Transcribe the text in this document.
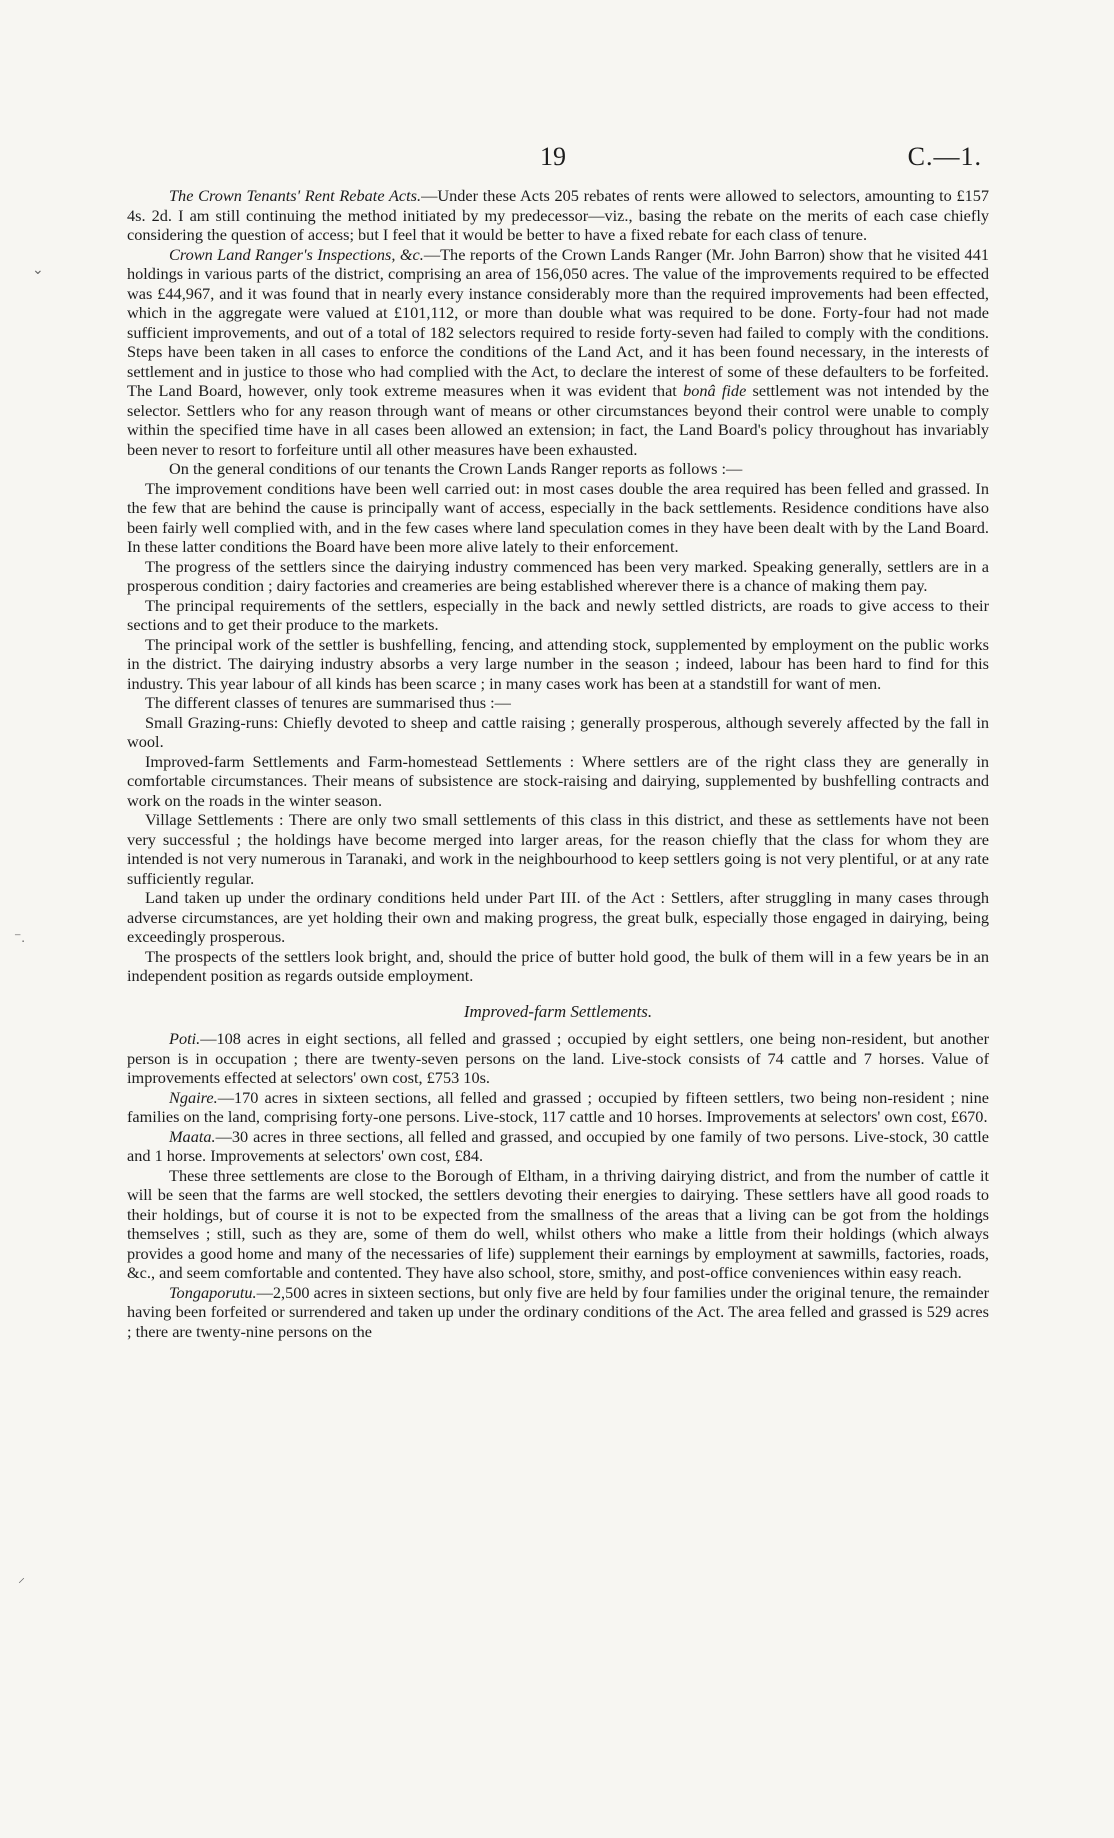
19	C.—1.
⌄
⁻.
⸝

The Crown Tenants' Rent Rebate Acts.—Under these Acts 205 rebates of rents were allowed to selectors, amounting to £157 4s. 2d. I am still continuing the method initiated by my predecessor—viz., basing the rebate on the merits of each case chiefly considering the question of access; but I feel that it would be better to have a fixed rebate for each class of tenure.

Crown Land Ranger's Inspections, &c.—The reports of the Crown Lands Ranger (Mr. John Barron) show that he visited 441 holdings in various parts of the district, comprising an area of 156,050 acres. The value of the improvements required to be effected was £44,967, and it was found that in nearly every instance considerably more than the required improvements had been effected, which in the aggregate were valued at £101,112, or more than double what was required to be done. Forty-four had not made sufficient improvements, and out of a total of 182 selectors required to reside forty-seven had failed to comply with the conditions. Steps have been taken in all cases to enforce the conditions of the Land Act, and it has been found necessary, in the interests of settlement and in justice to those who had complied with the Act, to declare the interest of some of these defaulters to be forfeited. The Land Board, however, only took extreme measures when it was evident that bonâ fide settlement was not intended by the selector. Settlers who for any reason through want of means or other circumstances beyond their control were unable to comply within the specified time have in all cases been allowed an extension; in fact, the Land Board's policy throughout has invariably been never to resort to forfeiture until all other measures have been exhausted.

On the general conditions of our tenants the Crown Lands Ranger reports as follows :—

The improvement conditions have been well carried out: in most cases double the area required has been felled and grassed. In the few that are behind the cause is principally want of access, especially in the back settlements. Residence conditions have also been fairly well complied with, and in the few cases where land speculation comes in they have been dealt with by the Land Board. In these latter conditions the Board have been more alive lately to their enforcement.

The progress of the settlers since the dairying industry commenced has been very marked. Speaking generally, settlers are in a prosperous condition ; dairy factories and creameries are being established wherever there is a chance of making them pay.

The principal requirements of the settlers, especially in the back and newly settled districts, are roads to give access to their sections and to get their produce to the markets.

The principal work of the settler is bushfelling, fencing, and attending stock, supplemented by employment on the public works in the district. The dairying industry absorbs a very large number in the season ; indeed, labour has been hard to find for this industry. This year labour of all kinds has been scarce ; in many cases work has been at a standstill for want of men.

The different classes of tenures are summarised thus :—

Small Grazing-runs: Chiefly devoted to sheep and cattle raising ; generally prosperous, although severely affected by the fall in wool.

Improved-farm Settlements and Farm-homestead Settlements : Where settlers are of the right class they are generally in comfortable circumstances. Their means of subsistence are stock-raising and dairying, supplemented by bushfelling contracts and work on the roads in the winter season.

Village Settlements : There are only two small settlements of this class in this district, and these as settlements have not been very successful ; the holdings have become merged into larger areas, for the reason chiefly that the class for whom they are intended is not very numerous in Taranaki, and work in the neighbourhood to keep settlers going is not very plentiful, or at any rate sufficiently regular.

Land taken up under the ordinary conditions held under Part III. of the Act : Settlers, after struggling in many cases through adverse circumstances, are yet holding their own and making progress, the great bulk, especially those engaged in dairying, being exceedingly prosperous.

The prospects of the settlers look bright, and, should the price of butter hold good, the bulk of them will in a few years be in an independent position as regards outside employment.

Improved-farm Settlements.

Poti.—108 acres in eight sections, all felled and grassed ; occupied by eight settlers, one being non-resident, but another person is in occupation ; there are twenty-seven persons on the land. Live-stock consists of 74 cattle and 7 horses. Value of improvements effected at selectors' own cost, £753 10s.

Ngaire.—170 acres in sixteen sections, all felled and grassed ; occupied by fifteen settlers, two being non-resident ; nine families on the land, comprising forty-one persons. Live-stock, 117 cattle and 10 horses. Improvements at selectors' own cost, £670.

Maata.—30 acres in three sections, all felled and grassed, and occupied by one family of two persons. Live-stock, 30 cattle and 1 horse. Improvements at selectors' own cost, £84.

These three settlements are close to the Borough of Eltham, in a thriving dairying district, and from the number of cattle it will be seen that the farms are well stocked, the settlers devoting their energies to dairying. These settlers have all good roads to their holdings, but of course it is not to be expected from the smallness of the areas that a living can be got from the holdings themselves ; still, such as they are, some of them do well, whilst others who make a little from their holdings (which always provides a good home and many of the necessaries of life) supplement their earnings by employment at sawmills, factories, roads, &c., and seem comfortable and contented. They have also school, store, smithy, and post-office conveniences within easy reach.

Tongaporutu.—2,500 acres in sixteen sections, but only five are held by four families under the original tenure, the remainder having been forfeited or surrendered and taken up under the ordinary conditions of the Act. The area felled and grassed is 529 acres ; there are twenty-nine persons on the
